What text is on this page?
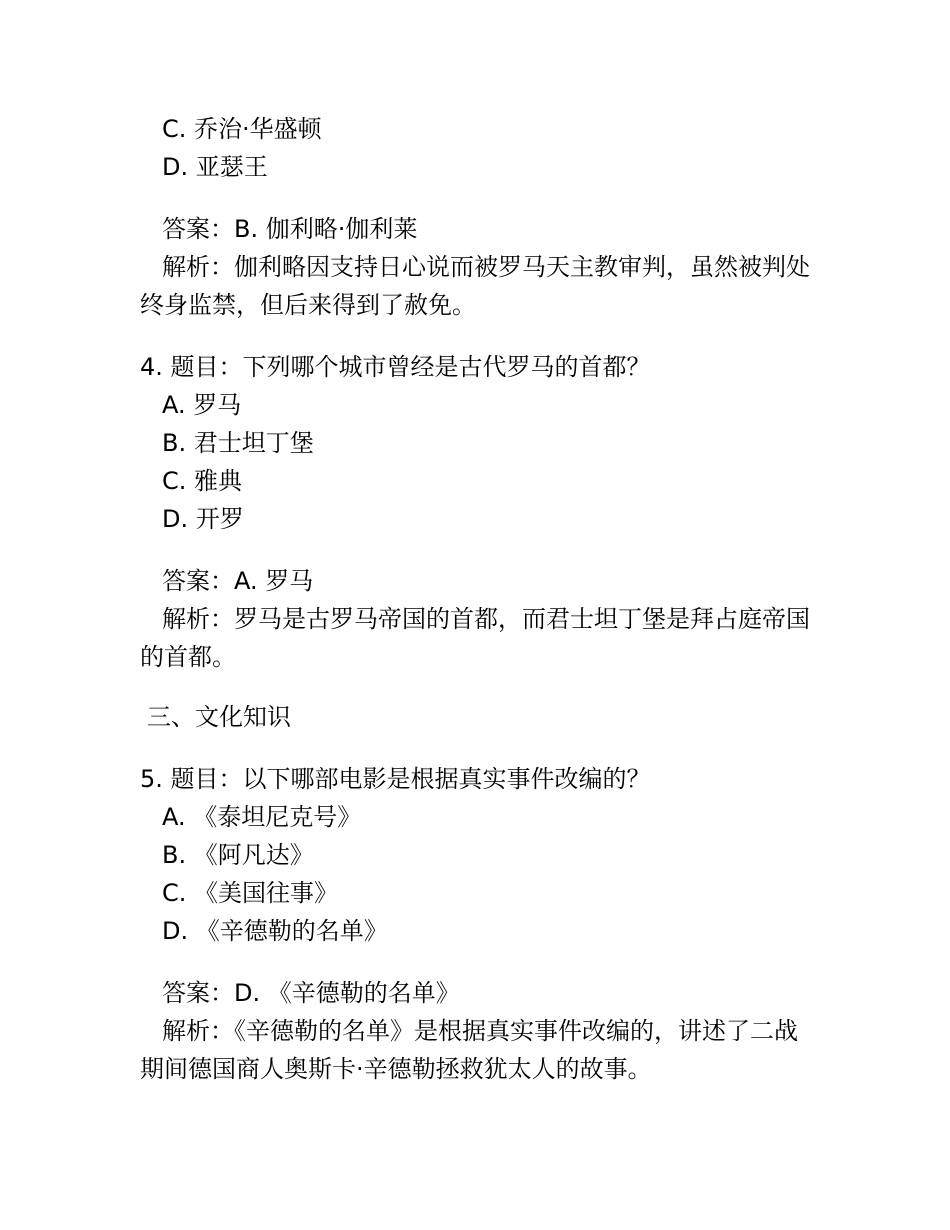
C. 乔治·华盛顿
D. 亚瑟王
答案：B. 伽利略·伽利莱
解析：伽利略因支持日心说而被罗马天主教审判，虽然被判处终身监禁，但后来得到了赦免。
4. 题目：下列哪个城市曾经是古代罗马的首都？
A. 罗马
B. 君士坦丁堡
C. 雅典
D. 开罗
答案：A. 罗马
解析：罗马是古罗马帝国的首都，而君士坦丁堡是拜占庭帝国的首都。
三、文化知识
5. 题目：以下哪部电影是根据真实事件改编的？
A. 《泰坦尼克号》
B. 《阿凡达》
C. 《美国往事》
D. 《辛德勒的名单》
答案：D. 《辛德勒的名单》
解析：《辛德勒的名单》是根据真实事件改编的，讲述了二战期间德国商人奥斯卡·辛德勒拯救犹太人的故事。
